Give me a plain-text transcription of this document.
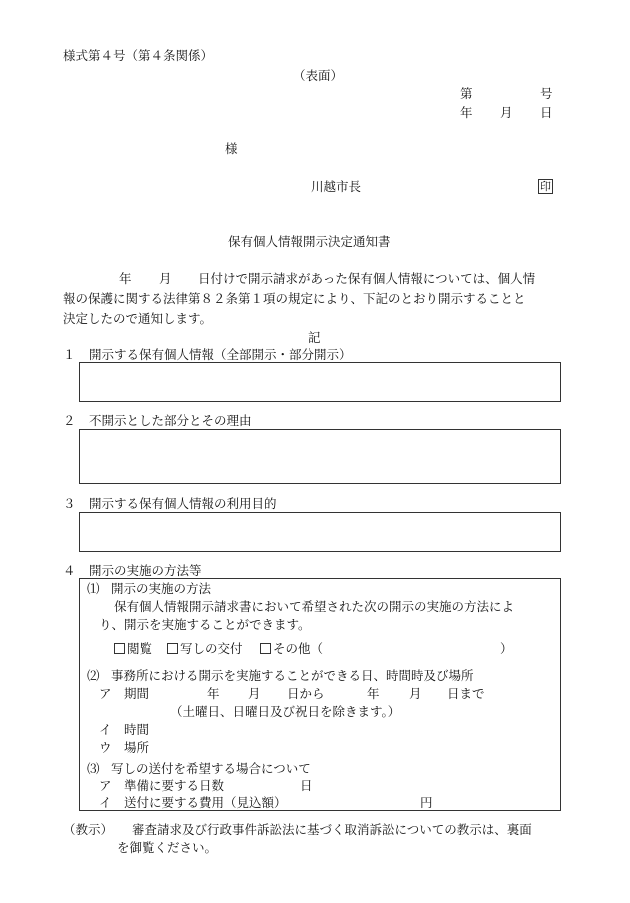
様式第４号（第４条関係）
（表面）
第	号
年 月 日
様
川越市長	印
保有個人情報開示決定通知書
年 月 日付けで開示請求があった保有個人情報については、個人情
報の保護に関する法律第８２条第１項の規定により、下記のとおり開示することと
決定したので通知します。
記
１ 開示する保有個人情報（全部開示・部分開示）
２ 不開示とした部分とその理由
３ 開示する保有個人情報の利用目的
４ 開示の実施の方法等
⑴ 開示の実施の方法
保有個人情報開示請求書において希望された次の開示の実施の方法によ
り、開示を実施することができます。
閲覧	写しの交付	その他（	）
⑵ 事務所における開示を実施することができる日、時間時及び場所
ア　期間	年 月 日から	年 月 日まで
（土曜日、日曜日及び祝日を除きます。）
イ　時間
ウ　場所
⑶ 写しの送付を希望する場合について
ア　準備に要する日数	日
イ　送付に要する費用（見込額）	円
（教示） 審査請求及び行政事件訴訟法に基づく取消訴訟についての教示は、裏面
を御覧ください。
